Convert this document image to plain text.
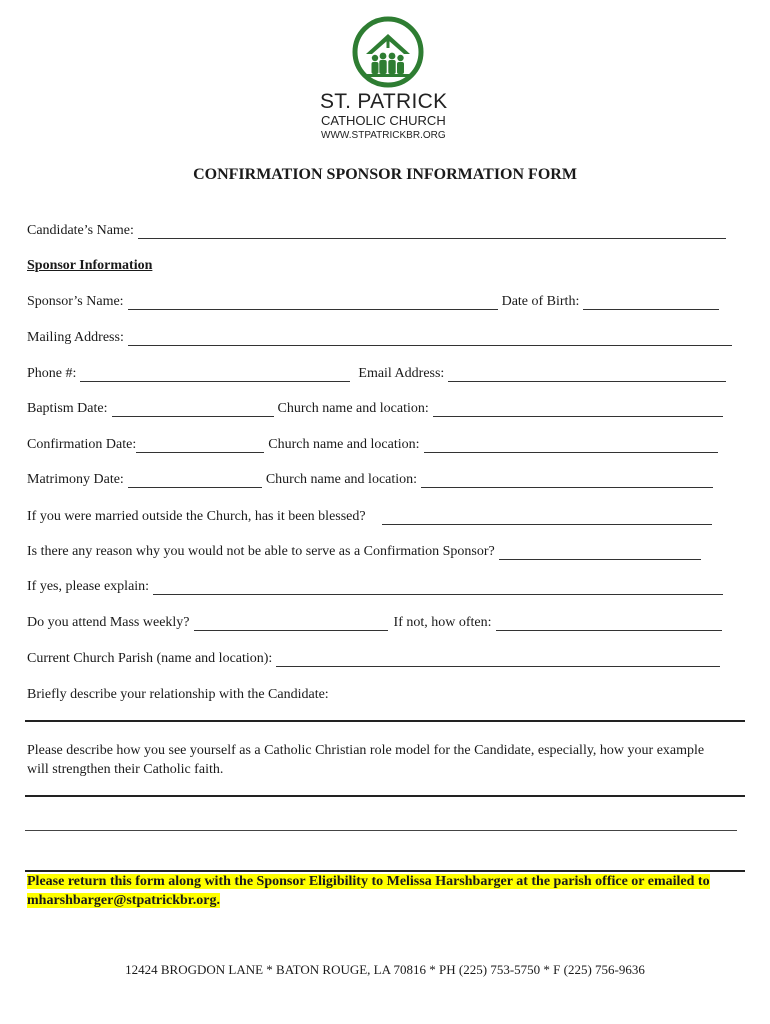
ST. PATRICK
CATHOLIC CHURCH
WWW.STPATRICKBR.ORG
CONFIRMATION SPONSOR INFORMATION FORM
Candidate’s Name:
Sponsor Information
Sponsor’s Name:	Date of Birth:
Mailing Address:
Phone #:	Email Address:
Baptism Date:	Church name and location:
Confirmation Date:	Church name and location:
Matrimony Date:	Church name and location:
If you were married outside the Church, has it been blessed?
Is there any reason why you would not be able to serve as a Confirmation Sponsor?
If yes, please explain:
Do you attend Mass weekly?	If not, how often:
Current Church Parish (name and location):
Briefly describe your relationship with the Candidate:
Please describe how you see yourself as a Catholic Christian role model for the Candidate, especially, how your example will strengthen their Catholic faith.
Please return this form along with the Sponsor Eligibility to Melissa Harshbarger at the parish office or emailed to mharshbarger@stpatrickbr.org.
12424 BROGDON LANE * BATON ROUGE, LA 70816 * PH (225) 753-5750 * F (225) 756-9636
